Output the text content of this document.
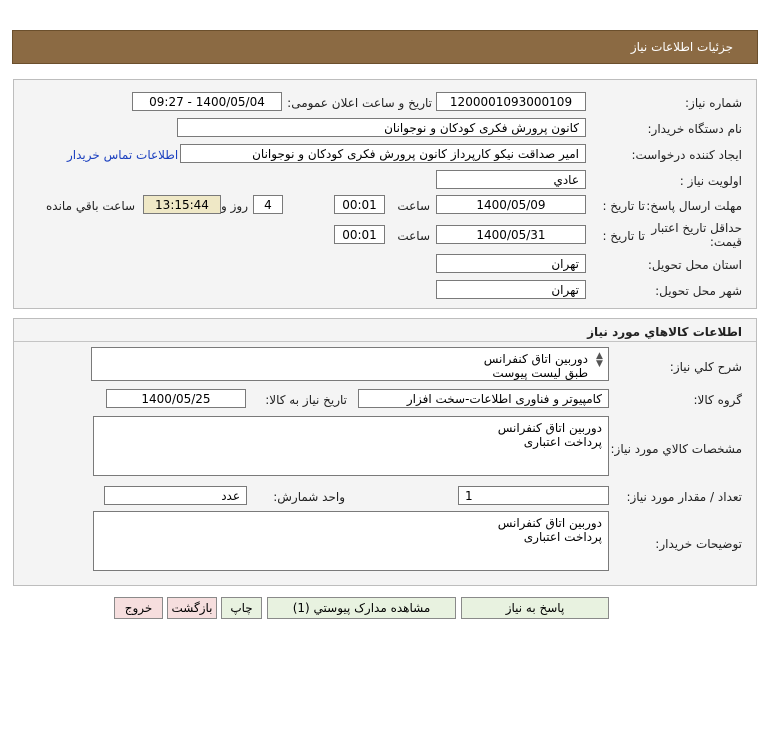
جزئيات اطلاعات نياز
شماره نياز:
1200001093000109
تاريخ و ساعت اعلان عمومی:
1400/05/04 - 09:27
نام دستگاه خريدار:
کانون پرورش فکری کودکان و نوجوانان
ايجاد کننده درخواست:
امیر صداقت نیکو کارپرداز کانون پرورش فکری کودکان و نوجوانان
اطلاعات تماس خريدار
اولويت نياز :
عادي
مهلت ارسال پاسخ:
تا تاريخ :
1400/05/09
ساعت
00:01
4
روز و
13:15:44
ساعت باقي مانده
حداقل تاريخ اعتبار
قيمت:
تا تاريخ :
1400/05/31
ساعت
00:01
استان محل تحويل:
تهران
شهر محل تحويل:
تهران
اطلاعات کالاهاي مورد نياز
شرح کلي نياز:
دوربین اتاق کنفرانس
طبق لیست پیوست
▲
▼
گروه کالا:
کامپيوتر و فناوری اطلاعات-سخت افزار
تاريخ نياز به کالا:
1400/05/25
مشخصات کالاي مورد نياز:
دوربین اتاق کنفرانس
پرداخت اعتباری
تعداد / مقدار مورد نياز:
1
واحد شمارش:
عدد
توضيحات خريدار:
دوربین اتاق کنفرانس
پرداخت اعتباری
پاسخ به نياز
مشاهده مدارک پيوستي (1)
چاپ
بازگشت
خروج
